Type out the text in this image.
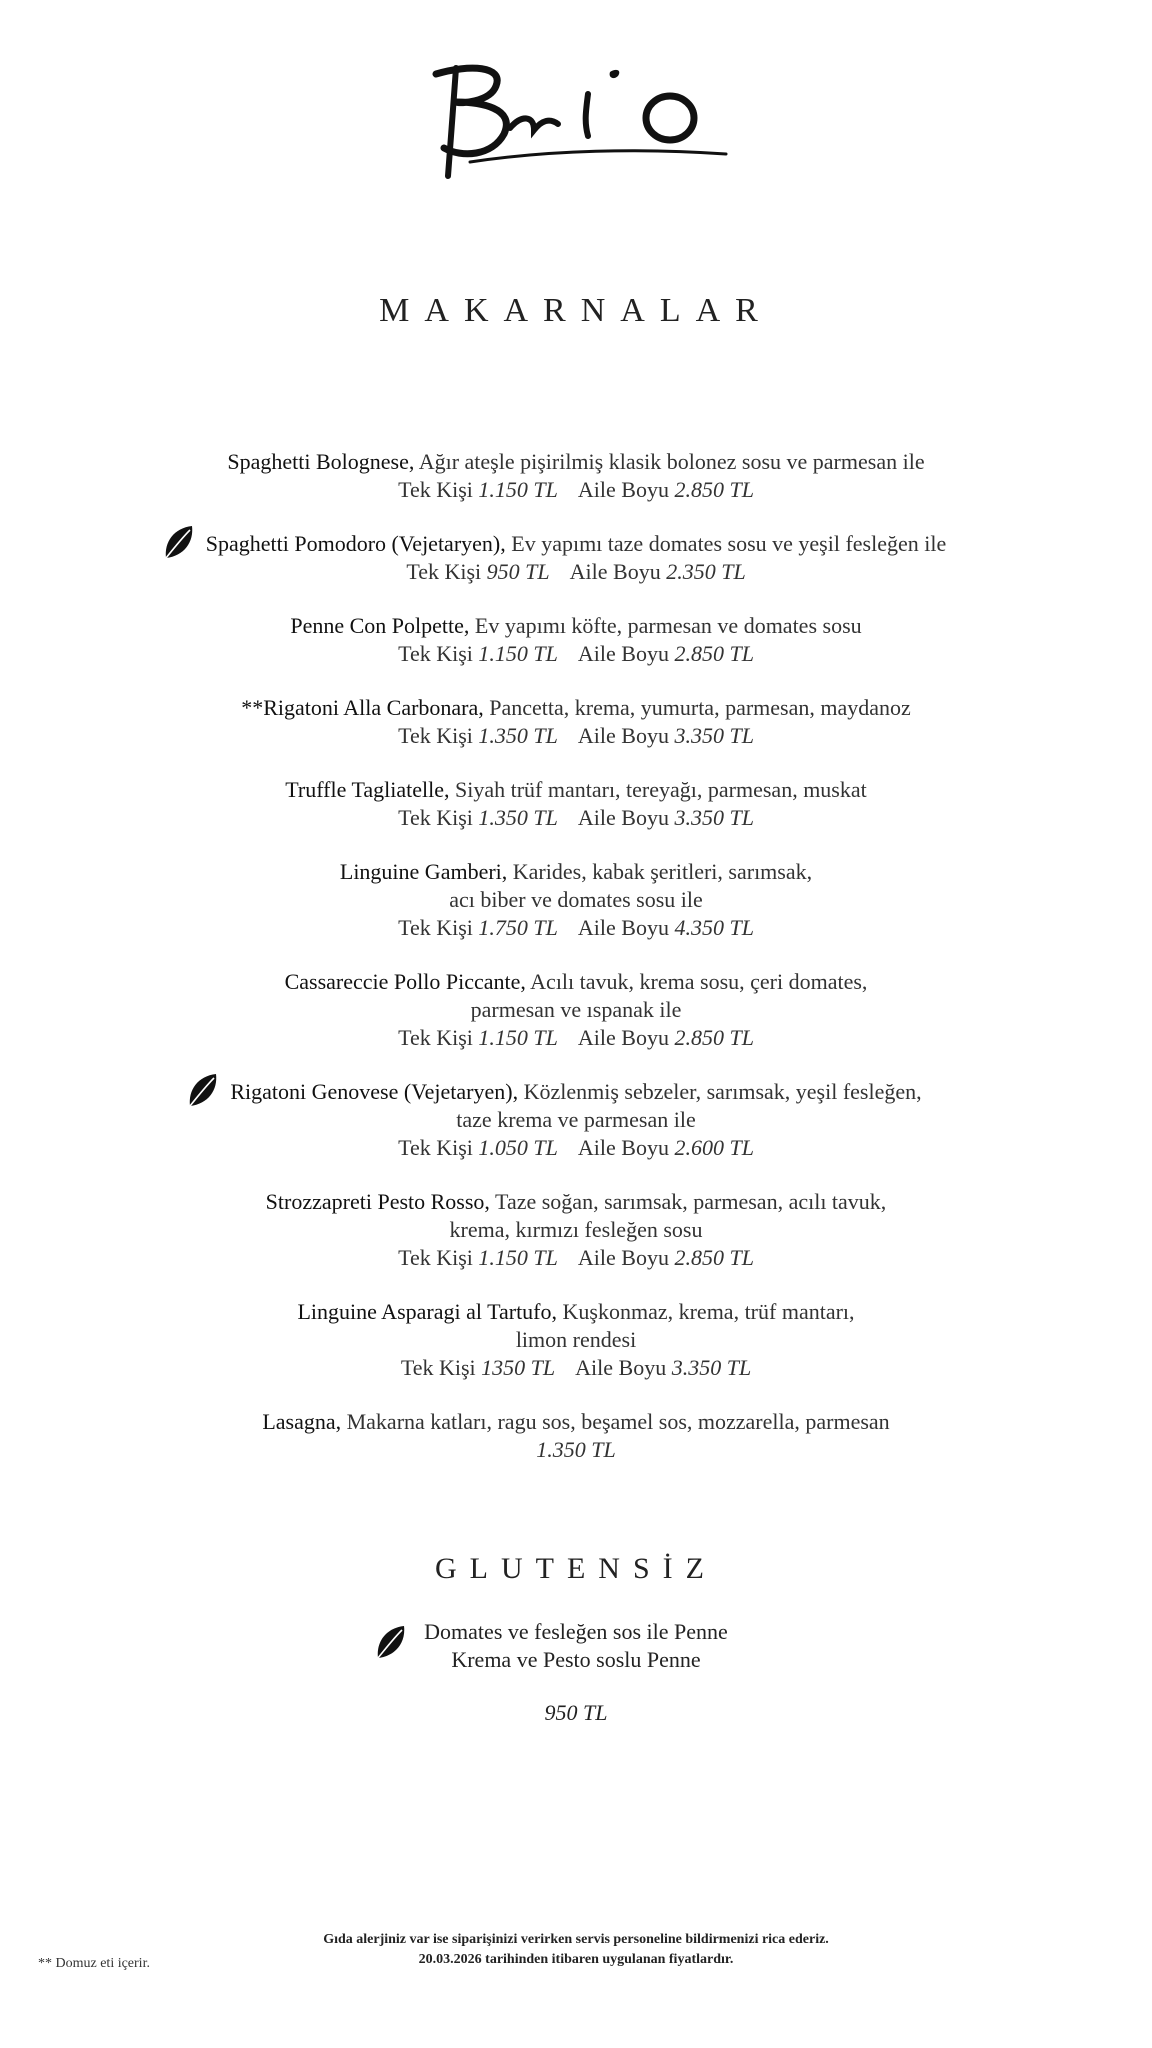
MAKARNALAR
Spaghetti Bolognese, Ağır ateşle pişirilmiş klasik bolonez sosu ve parmesan ile
Tek Kişi 1.150 TL Aile Boyu 2.850 TL
Spaghetti Pomodoro (Vejetaryen), Ev yapımı taze domates sosu ve yeşil fesleğen ile
Tek Kişi 950 TL Aile Boyu 2.350 TL
Penne Con Polpette, Ev yapımı köfte, parmesan ve domates sosu
Tek Kişi 1.150 TL Aile Boyu 2.850 TL
**Rigatoni Alla Carbonara, Pancetta, krema, yumurta, parmesan, maydanoz
Tek Kişi 1.350 TL Aile Boyu 3.350 TL
Truffle Tagliatelle, Siyah trüf mantarı, tereyağı, parmesan, muskat
Tek Kişi 1.350 TL Aile Boyu 3.350 TL
Linguine Gamberi, Karides, kabak şeritleri, sarımsak,
acı biber ve domates sosu ile
Tek Kişi 1.750 TL Aile Boyu 4.350 TL
Cassareccie Pollo Piccante, Acılı tavuk, krema sosu, çeri domates,
parmesan ve ıspanak ile
Tek Kişi 1.150 TL Aile Boyu 2.850 TL
Rigatoni Genovese (Vejetaryen), Közlenmiş sebzeler, sarımsak, yeşil fesleğen,
taze krema ve parmesan ile
Tek Kişi 1.050 TL Aile Boyu 2.600 TL
Strozzapreti Pesto Rosso, Taze soğan, sarımsak, parmesan, acılı tavuk,
krema, kırmızı fesleğen sosu
Tek Kişi 1.150 TL Aile Boyu 2.850 TL
Linguine Asparagi al Tartufo, Kuşkonmaz, krema, trüf mantarı,
limon rendesi
Tek Kişi 1350 TL Aile Boyu 3.350 TL
Lasagna, Makarna katları, ragu sos, beşamel sos, mozzarella, parmesan
1.350 TL
GLUTENSİZ
Domates ve fesleğen sos ile Penne
Krema ve Pesto soslu Penne
950 TL
Gıda alerjiniz var ise siparişinizi verirken servis personeline bildirmenizi rica ederiz.
20.03.2026 tarihinden itibaren uygulanan fiyatlardır.
** Domuz eti içerir.
